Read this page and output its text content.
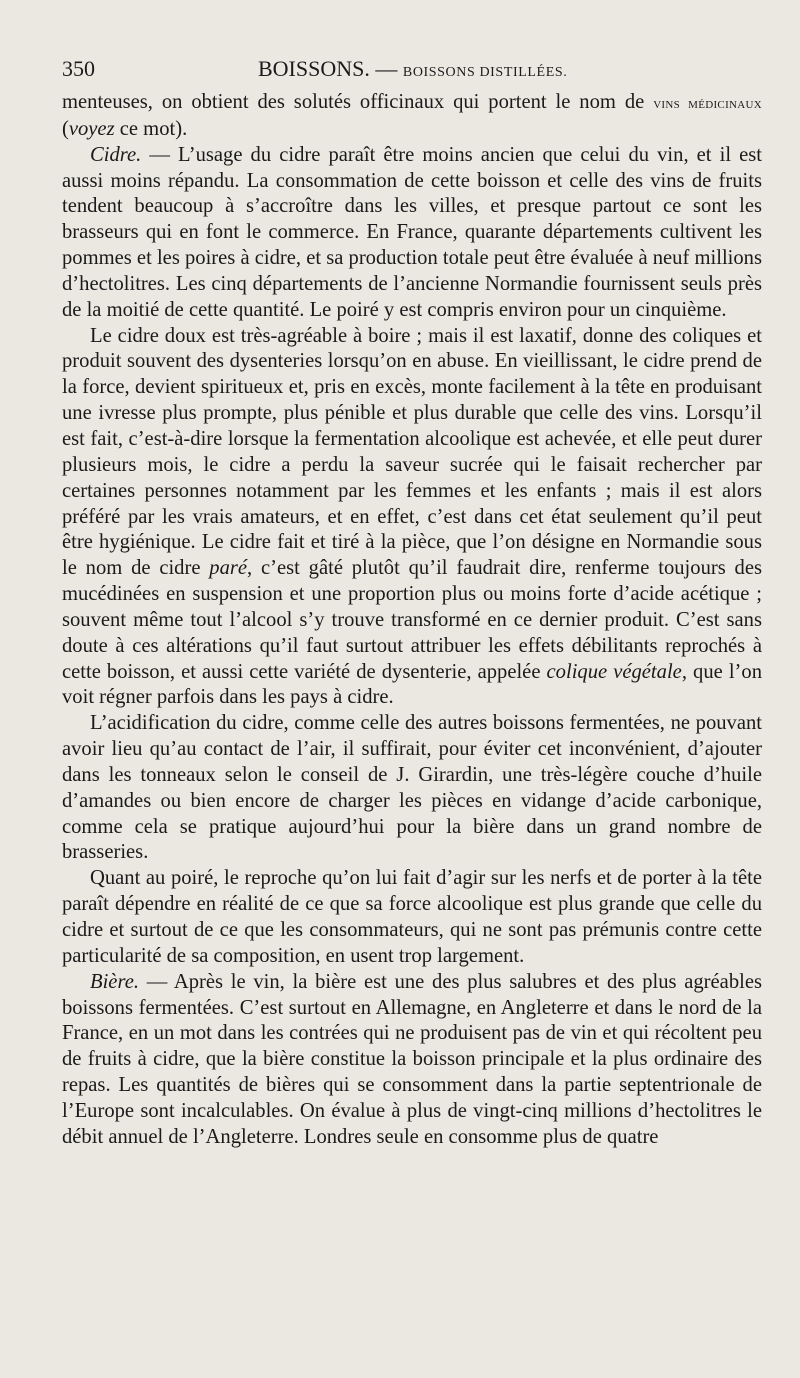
350	BOISSONS. — BOISSONS DISTILLÉES.

menteuses, on obtient des solutés officinaux qui portent le nom de vins médicinaux (voyez ce mot).

Cidre. — L’usage du cidre paraît être moins ancien que celui du vin, et il est aussi moins répandu. La consommation de cette boisson et celle des vins de fruits tendent beaucoup à s’accroître dans les villes, et presque partout ce sont les brasseurs qui en font le commerce. En France, quarante départements cultivent les pommes et les poires à cidre, et sa production totale peut être évaluée à neuf millions d’hectolitres. Les cinq départements de l’ancienne Normandie fournissent seuls près de la moitié de cette quantité. Le poiré y est compris environ pour un cinquième.

Le cidre doux est très-agréable à boire ; mais il est laxatif, donne des coliques et produit souvent des dysenteries lorsqu’on en abuse. En vieillissant, le cidre prend de la force, devient spiritueux et, pris en excès, monte facilement à la tête en produisant une ivresse plus prompte, plus pénible et plus durable que celle des vins. Lorsqu’il est fait, c’est-à-dire lorsque la fermentation alcoolique est achevée, et elle peut durer plusieurs mois, le cidre a perdu la saveur sucrée qui le faisait rechercher par certaines personnes notamment par les femmes et les enfants ; mais il est alors préféré par les vrais amateurs, et en effet, c’est dans cet état seulement qu’il peut être hygiénique. Le cidre fait et tiré à la pièce, que l’on désigne en Normandie sous le nom de cidre paré, c’est gâté plutôt qu’il faudrait dire, renferme toujours des mucédinées en suspension et une proportion plus ou moins forte d’acide acétique ; souvent même tout l’alcool s’y trouve transformé en ce dernier produit. C’est sans doute à ces altérations qu’il faut surtout attribuer les effets débilitants reprochés à cette boisson, et aussi cette variété de dysenterie, appelée colique végétale, que l’on voit régner parfois dans les pays à cidre.

L’acidification du cidre, comme celle des autres boissons fermentées, ne pouvant avoir lieu qu’au contact de l’air, il suffirait, pour éviter cet inconvénient, d’ajouter dans les tonneaux selon le conseil de J. Girardin, une très-légère couche d’huile d’amandes ou bien encore de charger les pièces en vidange d’acide carbonique, comme cela se pratique aujourd’hui pour la bière dans un grand nombre de brasseries.

Quant au poiré, le reproche qu’on lui fait d’agir sur les nerfs et de porter à la tête paraît dépendre en réalité de ce que sa force alcoolique est plus grande que celle du cidre et surtout de ce que les consommateurs, qui ne sont pas prémunis contre cette particularité de sa composition, en usent trop largement.

Bière. — Après le vin, la bière est une des plus salubres et des plus agréables boissons fermentées. C’est surtout en Allemagne, en Angleterre et dans le nord de la France, en un mot dans les contrées qui ne produisent pas de vin et qui récoltent peu de fruits à cidre, que la bière constitue la boisson principale et la plus ordinaire des repas. Les quantités de bières qui se consomment dans la partie septentrionale de l’Europe sont incalculables. On évalue à plus de vingt-cinq millions d’hectolitres le débit annuel de l’Angleterre. Londres seule en consomme plus de quatre
